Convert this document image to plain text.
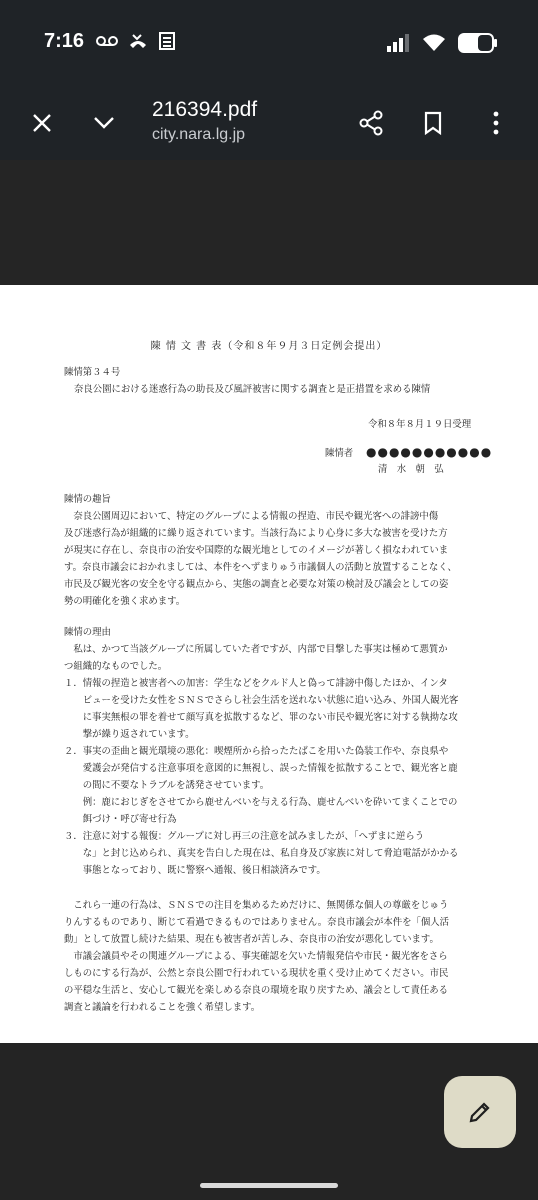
7:16
216394.pdf
city.nara.lg.jp
陳 情 文 書 表（令和８年９月３日定例会提出）
陳情第３４号
奈良公園における迷惑行為の助長及び風評被害に関する調査と是正措置を求める陳情
令和８年８月１９日受理
陳情者 ●●●●●●●●●●●
清　水　朝　弘
陳情の趣旨
　奈良公園周辺において、特定のグループによる情報の捏造、市民や観光客への誹謗中傷
及び迷惑行為が組織的に繰り返されています。当該行為により心身に多大な被害を受けた方
が現実に存在し、奈良市の治安や国際的な観光地としてのイメージが著しく損なわれていま
す。奈良市議会におかれましては、本件をへずまりゅう市議個人の活動と放置することなく、
市民及び観光客の安全を守る観点から、実態の調査と必要な対策の検討及び議会としての姿
勢の明確化を強く求めます。
陳情の理由
　私は、かつて当該グループに所属していた者ですが、内部で目撃した事実は極めて悪質か
つ組織的なものでした。
１．情報の捏造と被害者への加害：学生などをクルド人と偽って誹謗中傷したほか、インタ
　　ビューを受けた女性をＳＮＳでさらし社会生活を送れない状態に追い込み、外国人観光客
　　に事実無根の罪を着せて顔写真を拡散するなど、罪のない市民や観光客に対する執拗な攻
　　撃が繰り返されています。
２．事実の歪曲と観光環境の悪化：喫煙所から拾ったたばこを用いた偽装工作や、奈良県や
　　愛護会が発信する注意事項を意図的に無視し、誤った情報を拡散することで、観光客と鹿
　　の間に不要なトラブルを誘発させています。
　　例：鹿におじぎをさせてから鹿せんべいを与える行為、鹿せんべいを砕いてまくことでの
　　餌づけ・呼び寄せ行為
３．注意に対する報復：グループに対し再三の注意を試みましたが、「へずまに逆らう
　　な」と封じ込められ、真実を告白した現在は、私自身及び家族に対して脅迫電話がかかる
　　事態となっており、既に警察へ通報、後日相談済みです。
　これら一連の行為は、ＳＮＳでの注目を集めるためだけに、無関係な個人の尊厳をじゅう
りんするものであり、断じて看過できるものではありません。奈良市議会が本件を「個人活
動」として放置し続けた結果、現在も被害者が苦しみ、奈良市の治安が悪化しています。
　市議会議員やその関連グループによる、事実確認を欠いた情報発信や市民・観光客をさら
しものにする行為が、公然と奈良公園で行われている現状を重く受け止めてください。市民
の平穏な生活と、安心して観光を楽しめる奈良の環境を取り戻すため、議会として責任ある
調査と議論を行われることを強く希望します。
